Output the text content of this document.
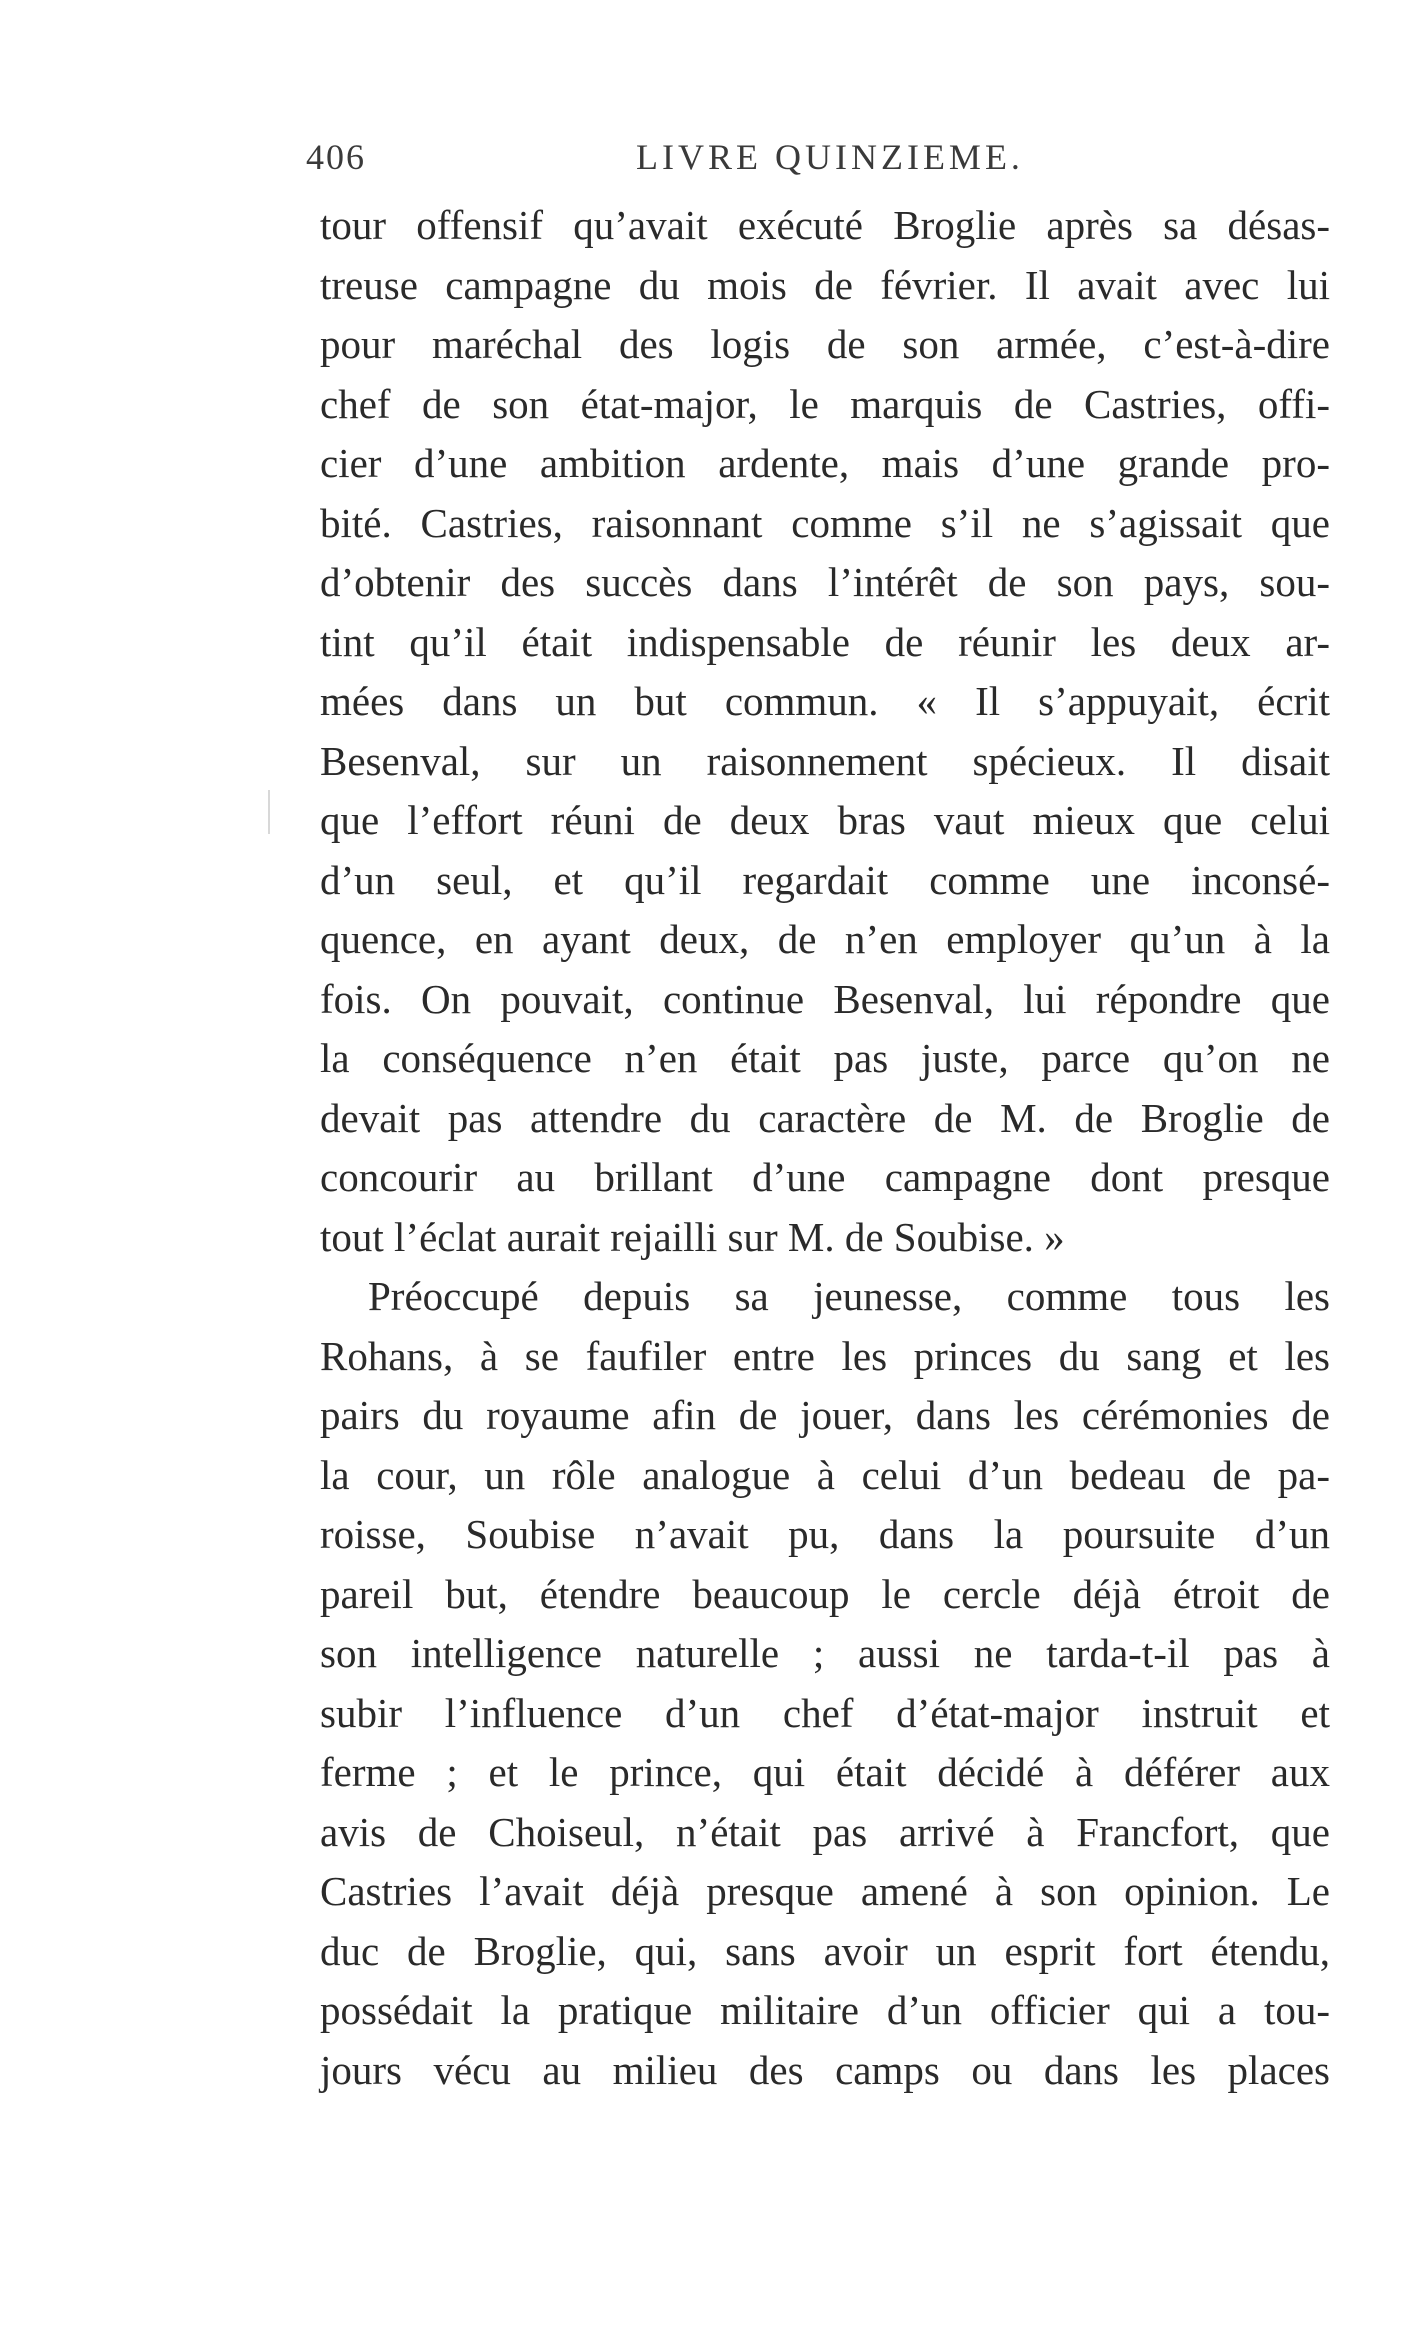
406	LIVRE QUINZIEME.
tour offensif qu’avait exécuté Broglie après sa désas-
treuse campagne du mois de février. Il avait avec lui
pour maréchal des logis de son armée, c’est-à-dire
chef de son état-major, le marquis de Castries, offi-
cier d’une ambition ardente, mais d’une grande pro-
bité. Castries, raisonnant comme s’il ne s’agissait que
d’obtenir des succès dans l’intérêt de son pays, sou-
tint qu’il était indispensable de réunir les deux ar-
mées dans un but commun. « Il s’appuyait, écrit
Besenval, sur un raisonnement spécieux. Il disait
que l’effort réuni de deux bras vaut mieux que celui
d’un seul, et qu’il regardait comme une inconsé-
quence, en ayant deux, de n’en employer qu’un à la
fois. On pouvait, continue Besenval, lui répondre que
la conséquence n’en était pas juste, parce qu’on ne
devait pas attendre du caractère de M. de Broglie de
concourir au brillant d’une campagne dont presque
tout l’éclat aurait rejailli sur M. de Soubise. »
Préoccupé depuis sa jeunesse, comme tous les
Rohans, à se faufiler entre les princes du sang et les
pairs du royaume afin de jouer, dans les cérémonies de
la cour, un rôle analogue à celui d’un bedeau de pa-
roisse, Soubise n’avait pu, dans la poursuite d’un
pareil but, étendre beaucoup le cercle déjà étroit de
son intelligence naturelle ; aussi ne tarda-t-il pas à
subir l’influence d’un chef d’état-major instruit et
ferme ; et le prince, qui était décidé à déférer aux
avis de Choiseul, n’était pas arrivé à Francfort, que
Castries l’avait déjà presque amené à son opinion. Le
duc de Broglie, qui, sans avoir un esprit fort étendu,
possédait la pratique militaire d’un officier qui a tou-
jours vécu au milieu des camps ou dans les places
